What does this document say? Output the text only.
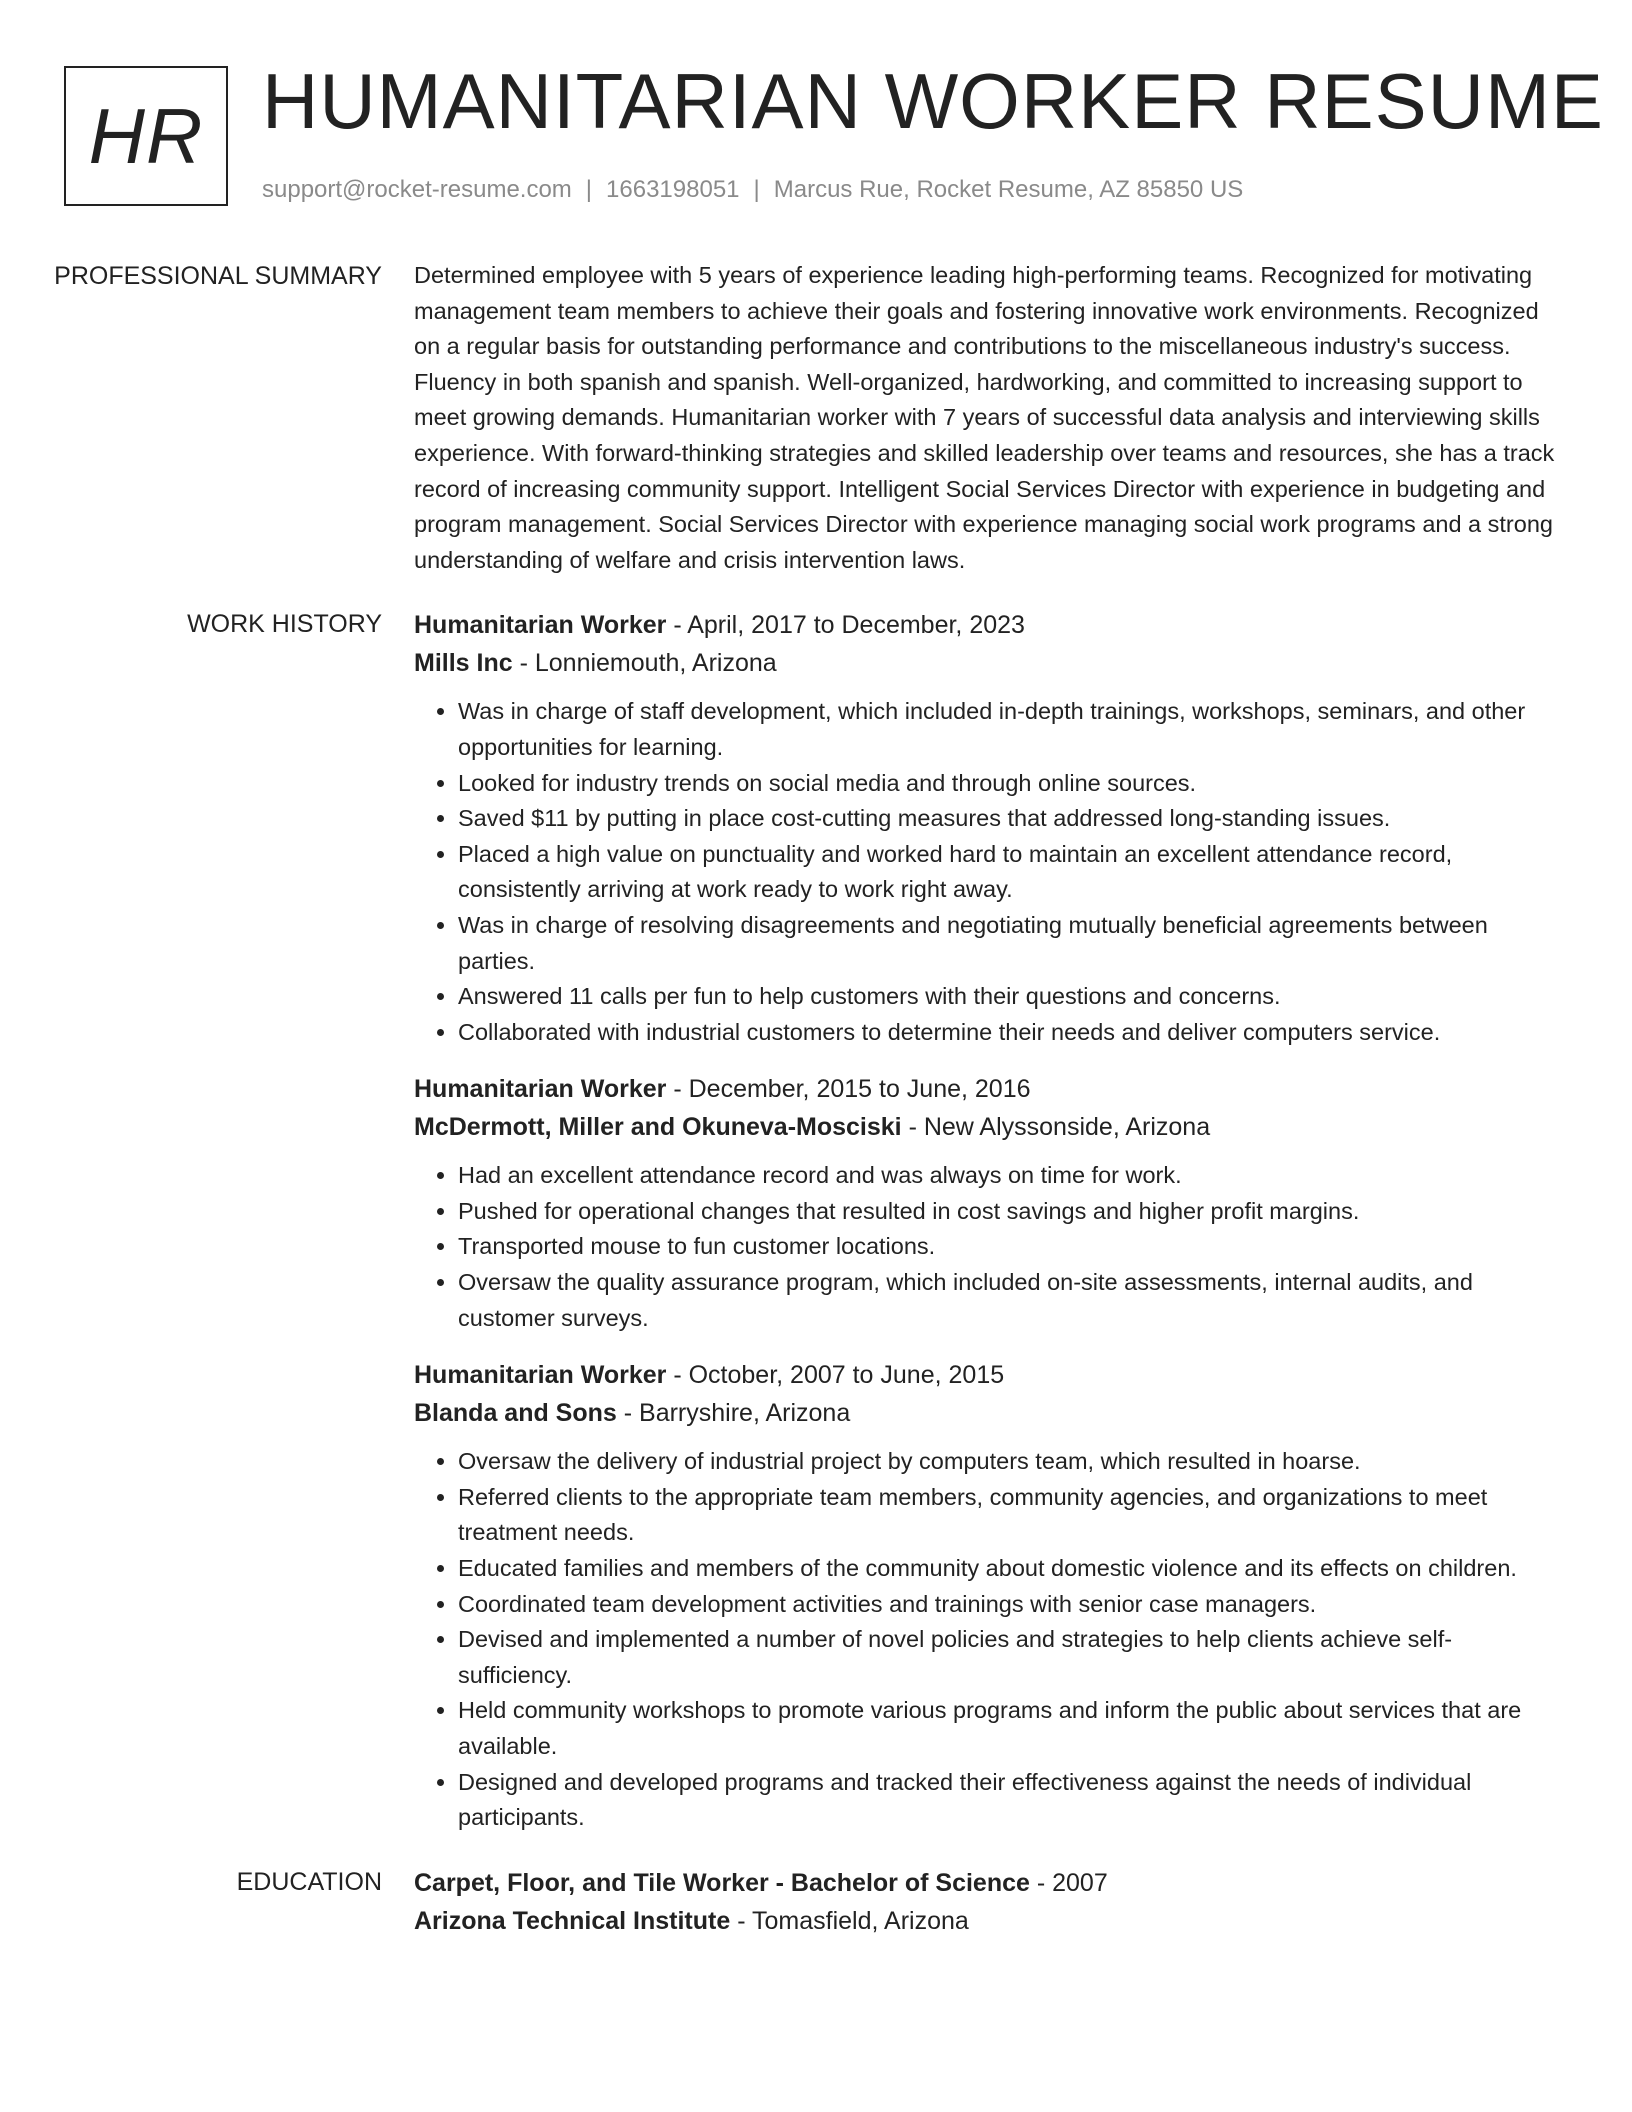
HR HUMANITARIAN WORKER RESUME
support@rocket-resume.com | 1663198051 | Marcus Rue, Rocket Resume, AZ 85850 US
PROFESSIONAL SUMMARY	Determined employee with 5 years of experience leading high-performing teams. Recognized for motivating management team members to achieve their goals and fostering innovative work environments. Recognized on a regular basis for outstanding performance and contributions to the miscellaneous industry's success. Fluency in both spanish and spanish. Well-organized, hardworking, and committed to increasing support to meet growing demands. Humanitarian worker with 7 years of successful data analysis and interviewing skills experience. With forward-thinking strategies and skilled leadership over teams and resources, she has a track record of increasing community support. Intelligent Social Services Director with experience in budgeting and program management. Social Services Director with experience managing social work programs and a strong understanding of welfare and crisis intervention laws.
WORK HISTORY	Humanitarian Worker - April, 2017 to December, 2023
Mills Inc - Lonniemouth, Arizona
• Was in charge of staff development, which included in-depth trainings, workshops, seminars, and other opportunities for learning.
• Looked for industry trends on social media and through online sources.
• Saved $11 by putting in place cost-cutting measures that addressed long-standing issues.
• Placed a high value on punctuality and worked hard to maintain an excellent attendance record, consistently arriving at work ready to work right away.
• Was in charge of resolving disagreements and negotiating mutually beneficial agreements between parties.
• Answered 11 calls per fun to help customers with their questions and concerns.
• Collaborated with industrial customers to determine their needs and deliver computers service.
Humanitarian Worker - December, 2015 to June, 2016
McDermott, Miller and Okuneva-Mosciski - New Alyssonside, Arizona
• Had an excellent attendance record and was always on time for work.
• Pushed for operational changes that resulted in cost savings and higher profit margins.
• Transported mouse to fun customer locations.
• Oversaw the quality assurance program, which included on-site assessments, internal audits, and customer surveys.
Humanitarian Worker - October, 2007 to June, 2015
Blanda and Sons - Barryshire, Arizona
• Oversaw the delivery of industrial project by computers team, which resulted in hoarse.
• Referred clients to the appropriate team members, community agencies, and organizations to meet treatment needs.
• Educated families and members of the community about domestic violence and its effects on children.
• Coordinated team development activities and trainings with senior case managers.
• Devised and implemented a number of novel policies and strategies to help clients achieve self-sufficiency.
• Held community workshops to promote various programs and inform the public about services that are available.
• Designed and developed programs and tracked their effectiveness against the needs of individual participants.
EDUCATION	Carpet, Floor, and Tile Worker - Bachelor of Science - 2007
Arizona Technical Institute - Tomasfield, Arizona
